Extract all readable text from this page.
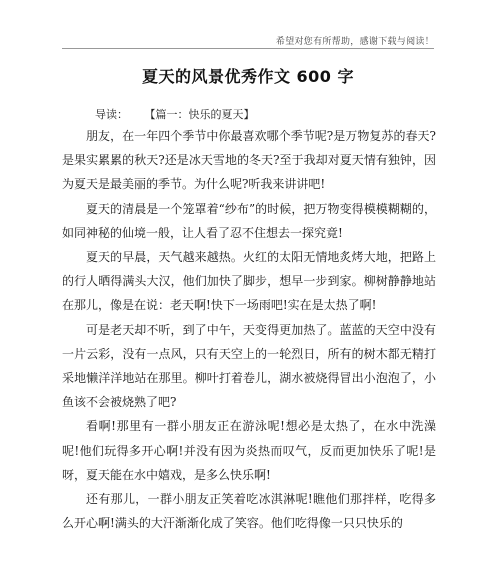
希望对您有所帮助，感谢下载与阅读！
夏天的风景优秀作文 600 字
导读： 【篇一：快乐的夏天】

朋友，在一年四个季节中你最喜欢哪个季节呢?是万物复苏的春天?是果实累累的秋天?还是冰天雪地的冬天?至于我却对夏天情有独钟，因为夏天是最美丽的季节。为什么呢?听我来讲讲吧!

夏天的清晨是一个笼罩着“纱布”的时候，把万物变得模模糊糊的，如同神秘的仙境一般，让人看了忍不住想去一探究竟!

夏天的早晨，天气越来越热。火红的太阳无情地炙烤大地，把路上的行人晒得满头大汉，他们加快了脚步，想早一步到家。柳树静静地站在那儿，像是在说：老天啊!快下一场雨吧!实在是太热了啊!

可是老天却不听，到了中午，天变得更加热了。蓝蓝的天空中没有一片云彩，没有一点风，只有天空上的一轮烈日，所有的树木都无精打采地懒洋洋地站在那里。柳叶打着卷儿，湖水被烧得冒出小泡泡了，小鱼该不会被烧熟了吧?

看啊!那里有一群小朋友正在游泳呢!想必是太热了，在水中洗澡呢!他们玩得多开心啊!并没有因为炎热而叹气，反而更加快乐了呢!是呀，夏天能在水中嬉戏，是多么快乐啊!

还有那儿，一群小朋友正笑着吃冰淇淋呢!瞧他们那拌样，吃得多么开心啊!满头的大汗渐渐化成了笑容。他们吃得像一只只快乐的
